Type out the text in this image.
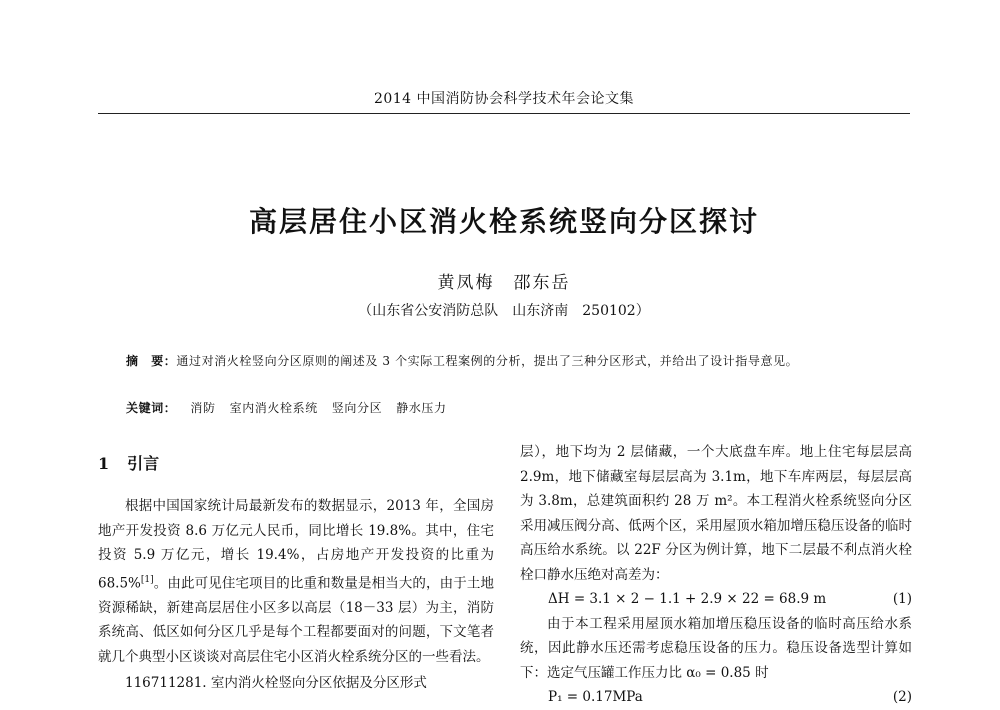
2014 中国消防协会科学技术年会论文集
高层居住小区消火栓系统竖向分区探讨
黄凤梅　邵东岳
（山东省公安消防总队　山东济南　250102）
摘　要：通过对消火栓竖向分区原则的阐述及 3 个实际工程案例的分析，提出了三种分区形式，并给出了设计指导意见。
关键词： 消防 室内消火栓系统 竖向分区 静水压力
1 引言

根据中国国家统计局最新发布的数据显示，2013 年，全国房地产开发投资 8.6 万亿元人民币，同比增长 19.8%。其中，住宅投资 5.9 万亿元，增长 19.4%，占房地产开发投资的比重为 68.5%[1]。由此可见住宅项目的比重和数量是相当大的，由于土地资源稀缺，新建高层居住小区多以高层（18－33 层）为主，消防系统高、低区如何分区几乎是每个工程都要面对的问题，下文笔者就几个典型小区谈谈对高层住宅小区消火栓系统分区的一些看法。

116711281. 室内消火栓竖向分区依据及分区形式

层），地下均为 2 层储藏，一个大底盘车库。地上住宅每层层高 2.9m，地下储藏室每层层高为 3.1m，地下车库两层，每层层高为 3.8m，总建筑面积约 28 万 m²。本工程消火栓系统竖向分区采用减压阀分高、低两个区，采用屋顶水箱加增压稳压设备的临时高压给水系统。以 22F 分区为例计算，地下二层最不利点消火栓栓口静水压绝对高差为：

ΔH = 3.1 × 2 − 1.1 + 2.9 × 22 = 68.9 m	(1)

由于本工程采用屋顶水箱加增压稳压设备的临时高压给水系统，因此静水压还需考虑稳压设备的压力。稳压设备选型计算如下：选定气压罐工作压力比 α₀ = 0.85 时

P₁ = 0.17MPa	(2)
